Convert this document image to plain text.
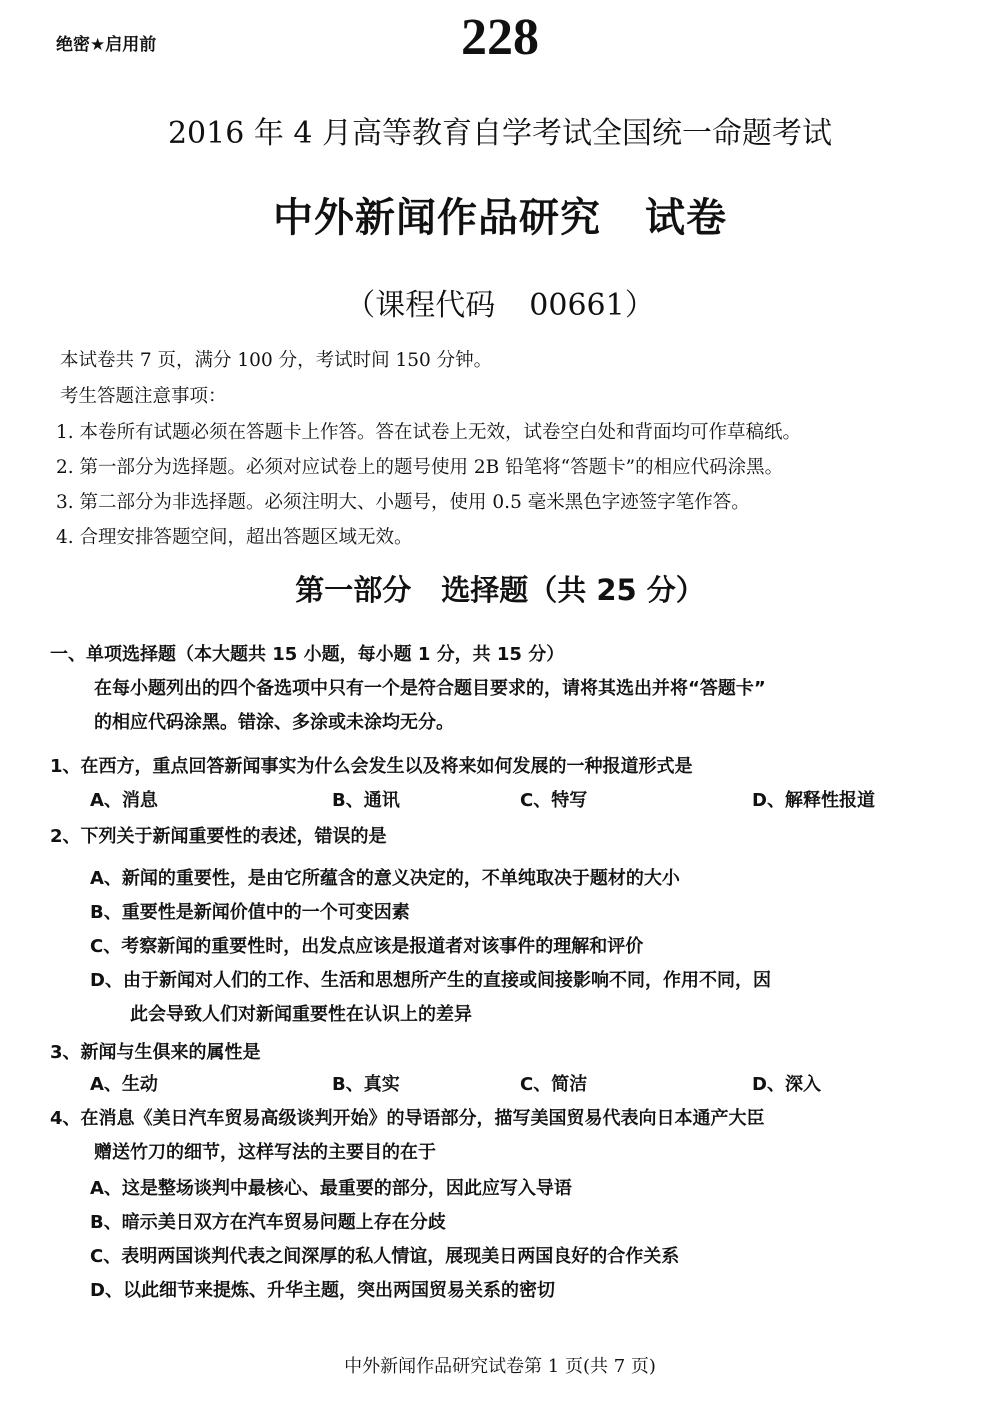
绝密★启用前	228
2016 年 4 月高等教育自学考试全国统一命题考试
中外新闻作品研究 试卷
（课程代码 00661）
本试卷共 7 页，满分 100 分，考试时间 150 分钟。
考生答题注意事项：
1. 本卷所有试题必须在答题卡上作答。答在试卷上无效，试卷空白处和背面均可作草稿纸。
2. 第一部分为选择题。必须对应试卷上的题号使用 2B 铅笔将“答题卡”的相应代码涂黑。
3. 第二部分为非选择题。必须注明大、小题号，使用 0.5 毫米黑色字迹签字笔作答。
4. 合理安排答题空间，超出答题区域无效。
第一部分 选择题（共 25 分）
一、单项选择题（本大题共 15 小题，每小题 1 分，共 15 分）
在每小题列出的四个备选项中只有一个是符合题目要求的，请将其选出并将“答题卡”
的相应代码涂黑。错涂、多涂或未涂均无分。
1、在西方，重点回答新闻事实为什么会发生以及将来如何发展的一种报道形式是
A、消息	B、通讯	C、特写	D、解释性报道
2、下列关于新闻重要性的表述，错误的是
A、新闻的重要性，是由它所蕴含的意义决定的，不单纯取决于题材的大小
B、重要性是新闻价值中的一个可变因素
C、考察新闻的重要性时，出发点应该是报道者对该事件的理解和评价
D、由于新闻对人们的工作、生活和思想所产生的直接或间接影响不同，作用不同，因
此会导致人们对新闻重要性在认识上的差异
3、新闻与生俱来的属性是
A、生动	B、真实	C、简洁	D、深入
4、在消息《美日汽车贸易高级谈判开始》的导语部分，描写美国贸易代表向日本通产大臣
赠送竹刀的细节，这样写法的主要目的在于
A、这是整场谈判中最核心、最重要的部分，因此应写入导语
B、暗示美日双方在汽车贸易问题上存在分歧
C、表明两国谈判代表之间深厚的私人情谊，展现美日两国良好的合作关系
D、以此细节来提炼、升华主题，突出两国贸易关系的密切
中外新闻作品研究试卷第 1 页(共 7 页)
